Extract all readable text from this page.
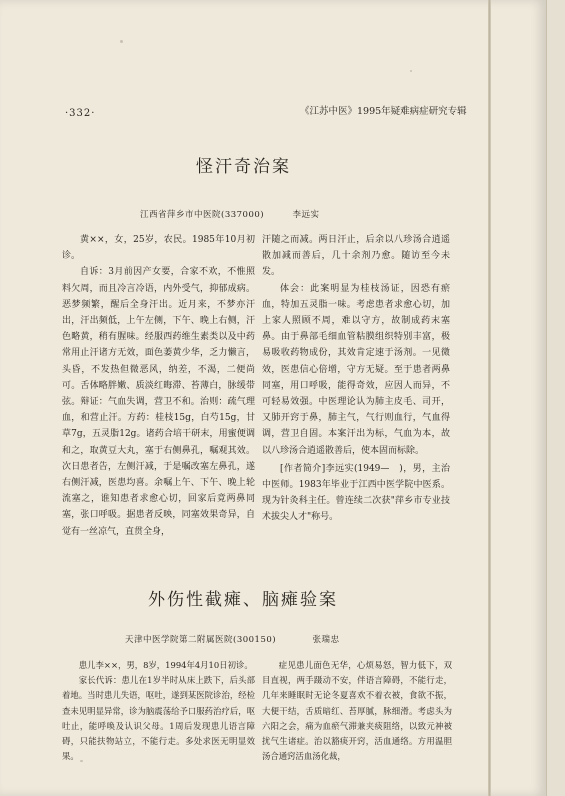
·332·	《江苏中医》1995年疑难病症研究专辑
怪汗奇治案
江西省萍乡市中医院(337000)	李远实

黄××，女，25岁，农民。1985年10月初诊。

自诉：3月前因产女要，合家不欢，不惟照料欠周，而且冷言冷语，内外受气，抑郁成病。恶梦频繁，醒后全身汗出。近月来，不梦亦汗出，汗出频低，上午左侧，下午、晚上右侧，汗色略黄，稍有腥味。经服西药维生素类以及中药常用止汗诸方无效，面色萎黄少华，乏力懒言，头昏，不发热但微恶风，纳差，不渴，二便尚可。舌体略胖嫩、质淡红晦滞、苔薄白，脉缓带弦。辩证：气血失调，营卫不和。治则：疏气理血，和营止汗。方药：桂枝15g，白芍15g，甘草7g，五灵脂12g。诸药合培干研末，用蜜便调和之，取黄豆大丸，塞于右侧鼻孔，嘱观其效。次日患者告，左侧汗减，于是嘱改塞左鼻孔，遂右侧汗减，医患均喜。余嘱上午、下午、晚上轮流塞之，谁知患者求愈心切，回家后竟两鼻同塞，张口呼吸。据患者反映，同塞效果奇异，自觉有一丝凉气，直贯全身，

汗随之而减。两日汗止，后余以八珍汤合逍遥散加减而善后，几十余剂乃愈。随访至今未发。

体会：此案明显为桂枝汤证，因恐有瘀血，特加五灵脂一味。考虑患者求愈心切，加上家人照顾不周，难以守方，故制成药末塞鼻。由于鼻部毛细血管粘膜组织特别丰富，极易吸收药物成份，其效肯定速于汤剂。一见微效，医患信心倍增，守方无疑。至于患者两鼻同塞，用口呼吸，能得奇效，应因人而异，不可轻易效强。中医理论认为肺主皮毛、司开，又肺开窍于鼻，肺主气，气行则血行，气血得调，营卫自固。本案汗出为标，气血为本，故以八珍汤合逍遥散善后，使本固而标除。

[作者简介]李远实(1949—　)，男，主治中医师。1983年毕业于江西中医学院中医系。现为针灸科主任。曾连续二次获"萍乡市专业技术拔尖人才"称号。

外伤性截瘫、脑瘫验案
天津中医学院第二附属医院(300150)	张瑞忠

患儿李××，男，8岁，1994年4月10日初诊。

家长代诉：患儿在1岁半时从床上跌下，后头部着地。当时患儿失语，呕吐，遂到某医院诊治，经检查未见明显异常，诊为脑震荡给予口服药治疗后，呕吐止，能呼唤及认识父母。1周后发现患儿语言障碍，只能扶物站立，不能行走。多处求医无明显效果。

症见患儿面色无华，心烦易怒，智力低下，双目直视，两手蹑动不安，伴语言障碍，不能行走，几年来睡眠时无论冬夏喜欢不着衣被，食欲不振，大便干结，舌质暗红、苔厚腻，脉细滑。考虑头为六阳之会，痛为血瘀气滞兼夹痰阻络，以致元神被扰气生诸症。治以豁痰开窍，活血通络。方用温胆汤合通窍活血汤化裁，
